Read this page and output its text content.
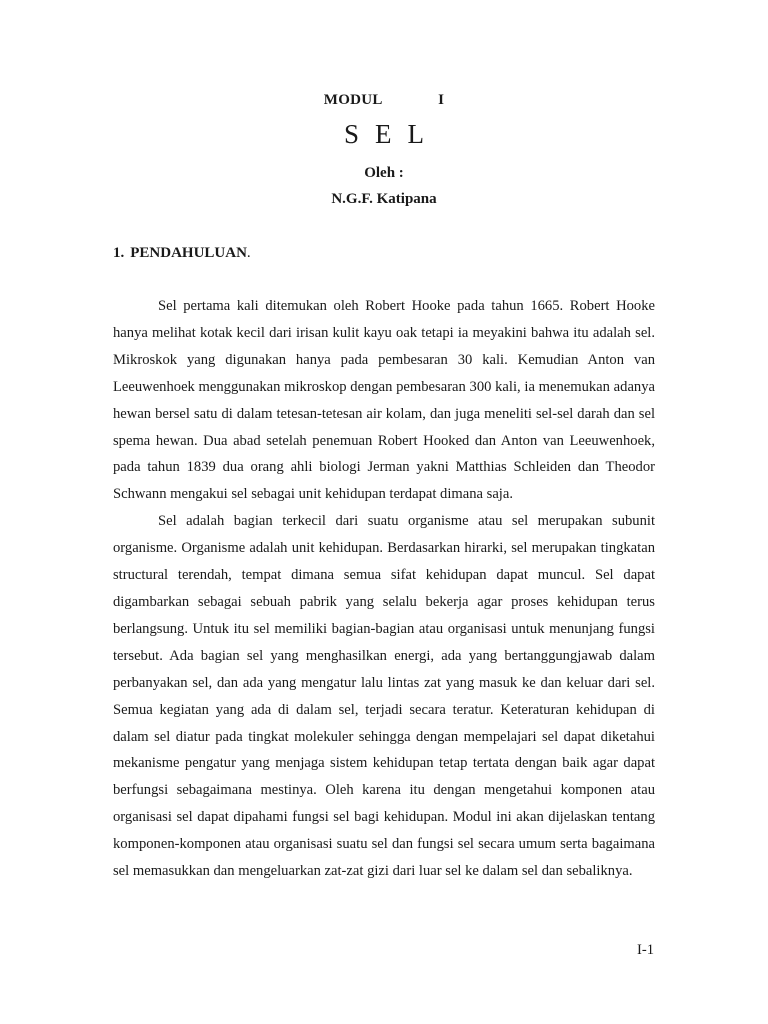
MODUL    I
SEL
Oleh :
N.G.F. Katipana
1. PENDAHULUAN.

Sel pertama kali ditemukan oleh Robert Hooke pada tahun 1665. Robert Hooke hanya melihat kotak kecil dari irisan kulit kayu oak tetapi ia meyakini bahwa itu adalah sel. Mikroskok yang digunakan hanya pada pembesaran 30 kali. Kemudian Anton van Leeuwenhoek menggunakan mikroskop dengan pembesaran 300 kali, ia menemukan adanya hewan bersel satu di dalam tetesan-tetesan air kolam, dan juga meneliti sel-sel darah dan sel spema hewan. Dua abad setelah penemuan Robert Hooked dan Anton van Leeuwenhoek, pada tahun 1839 dua orang ahli biologi Jerman yakni Matthias Schleiden dan Theodor Schwann mengakui sel sebagai unit kehidupan terdapat dimana saja.

Sel adalah bagian terkecil dari suatu organisme atau sel merupakan subunit organisme. Organisme adalah unit kehidupan. Berdasarkan hirarki, sel merupakan tingkatan structural terendah, tempat dimana semua sifat kehidupan dapat muncul. Sel dapat digambarkan sebagai sebuah pabrik yang selalu bekerja agar proses kehidupan terus berlangsung. Untuk itu sel memiliki bagian-bagian atau organisasi untuk menunjang fungsi tersebut. Ada bagian sel yang menghasilkan energi, ada yang bertanggungjawab dalam perbanyakan sel, dan ada yang mengatur lalu lintas zat yang masuk ke dan keluar dari sel. Semua kegiatan yang ada di dalam sel, terjadi secara teratur. Keteraturan kehidupan di dalam sel diatur pada tingkat molekuler sehingga dengan mempelajari sel dapat diketahui mekanisme pengatur yang menjaga sistem kehidupan tetap tertata dengan baik agar dapat berfungsi sebagaimana mestinya. Oleh karena itu dengan mengetahui komponen atau organisasi sel dapat dipahami fungsi sel bagi kehidupan. Modul ini akan dijelaskan tentang komponen-komponen atau organisasi suatu sel dan fungsi sel secara umum serta bagaimana sel memasukkan dan mengeluarkan zat-zat gizi dari luar sel ke dalam sel dan sebaliknya.

I-1
